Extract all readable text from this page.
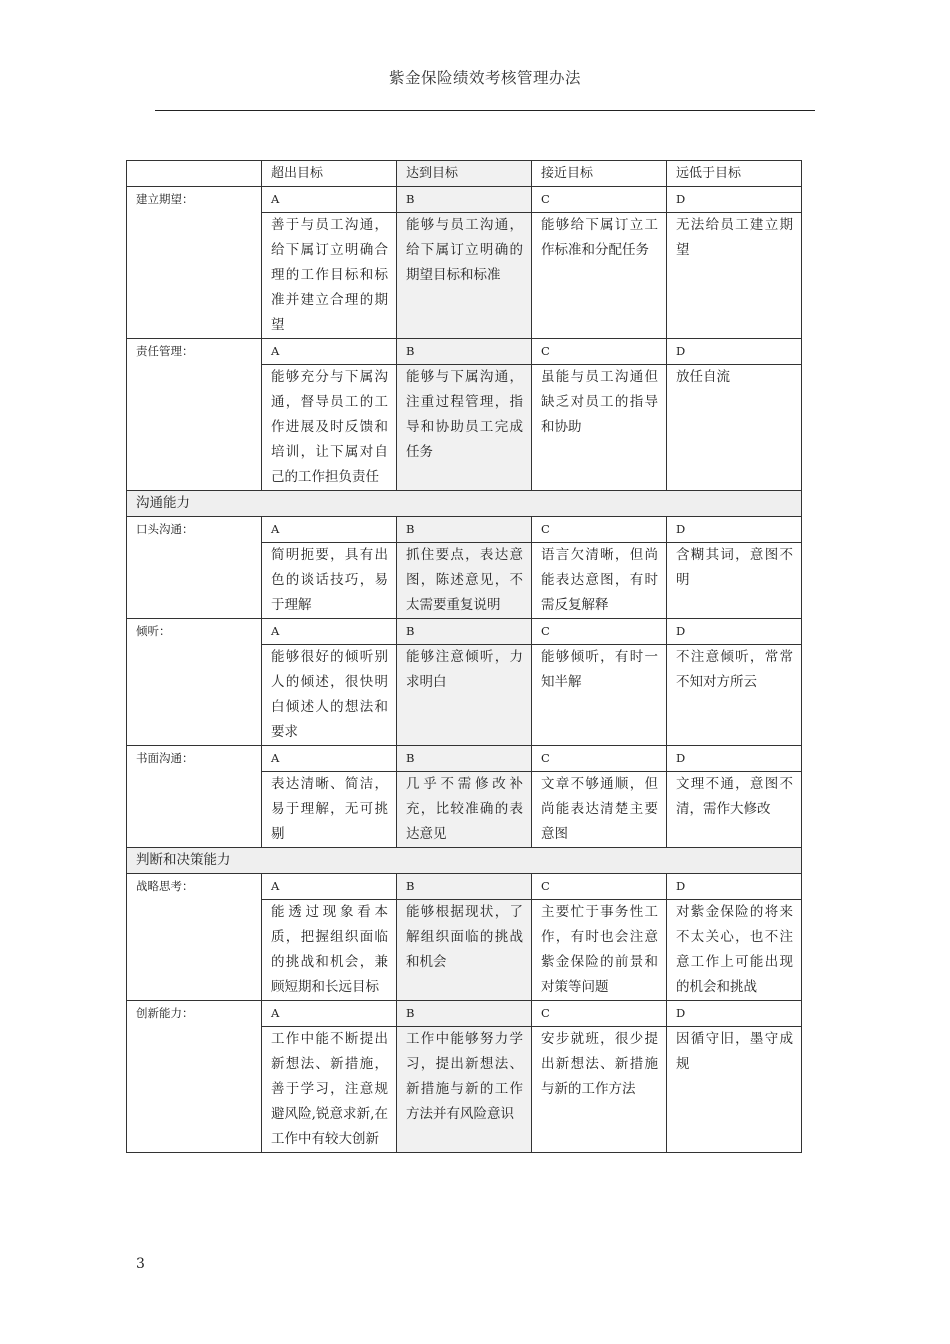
紫金保险绩效考核管理办法
	超出目标	达到目标	接近目标	远低于目标
建立期望：	A	B	C	D
	善于与员工沟通，给下属订立明确合理的工作目标和标准并建立合理的期望	能够与员工沟通，给下属订立明确的期望目标和标准	能够给下属订立工作标准和分配任务	无法给员工建立期望
责任管理：	A	B	C	D
	能够充分与下属沟通，督导员工的工作进展及时反馈和培训，让下属对自己的工作担负责任	能够与下属沟通，注重过程管理，指导和协助员工完成任务	虽能与员工沟通但缺乏对员工的指导和协助	放任自流
沟通能力				
口头沟通：	A	B	C	D
	简明扼要，具有出色的谈话技巧，易于理解	抓住要点，表达意图，陈述意见，不太需要重复说明	语言欠清晰，但尚能表达意图，有时需反复解释	含糊其词，意图不明
倾听：	A	B	C	D
	能够很好的倾听别人的倾述，很快明白倾述人的想法和要求	能够注意倾听，力求明白	能够倾听，有时一知半解	不注意倾听，常常不知对方所云
书面沟通：	A	B	C	D
	表达清晰、简洁，易于理解，无可挑剔	几乎不需修改补充，比较准确的表达意见	文章不够通顺，但尚能表达清楚主要意图	文理不通，意图不清，需作大修改
判断和决策能力				
战略思考：	A	B	C	D
	能透过现象看本质，把握组织面临的挑战和机会，兼顾短期和长远目标	能够根据现状，了解组织面临的挑战和机会	主要忙于事务性工作，有时也会注意紫金保险的前景和对策等问题	对紫金保险的将来不太关心，也不注意工作上可能出现的机会和挑战
创新能力：	A	B	C	D
	工作中能不断提出新想法、新措施，善于学习，注意规避风险,锐意求新,在工作中有较大创新	工作中能够努力学习，提出新想法、新措施与新的工作方法并有风险意识	安步就班，很少提出新想法、新措施与新的工作方法	因循守旧，墨守成规
3
